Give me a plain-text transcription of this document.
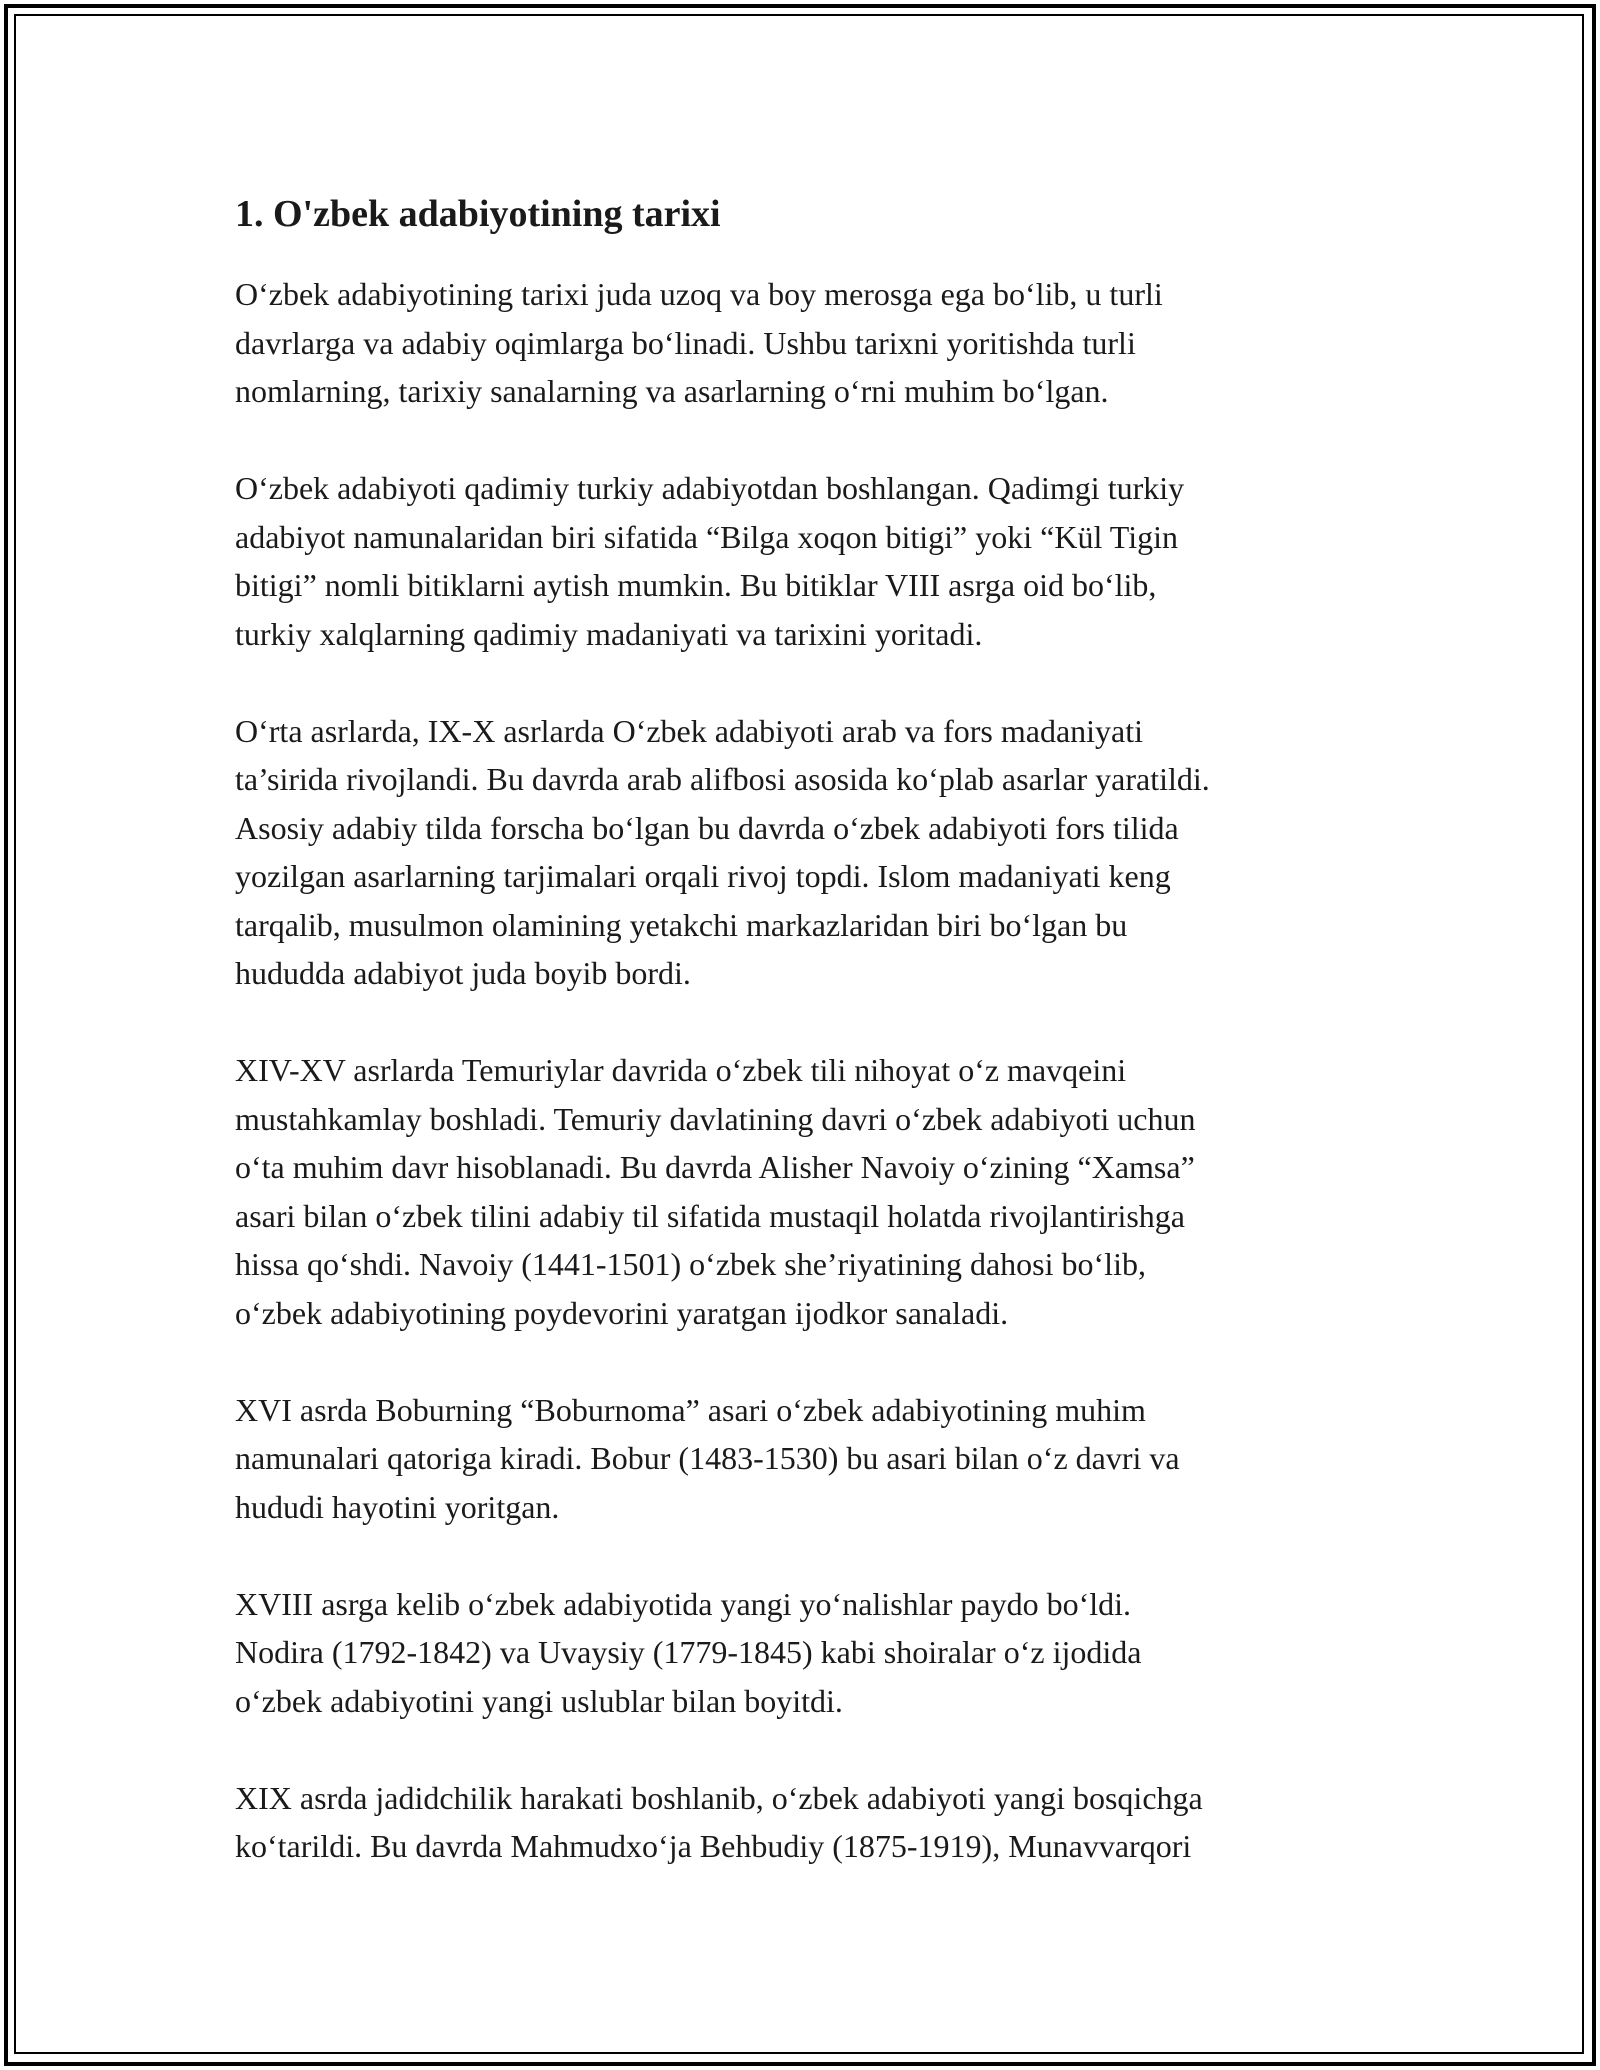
1. O'zbek adabiyotining tarixi
O‘zbek adabiyotining tarixi juda uzoq va boy merosga ega bo‘lib, u turli
davrlarga va adabiy oqimlarga bo‘linadi. Ushbu tarixni yoritishda turli
nomlarning, tarixiy sanalarning va asarlarning o‘rni muhim bo‘lgan.
O‘zbek adabiyoti qadimiy turkiy adabiyotdan boshlangan. Qadimgi turkiy
adabiyot namunalaridan biri sifatida “Bilga xoqon bitigi” yoki “Kül Tigin
bitigi” nomli bitiklarni aytish mumkin. Bu bitiklar VIII asrga oid bo‘lib,
turkiy xalqlarning qadimiy madaniyati va tarixini yoritadi.
O‘rta asrlarda, IX-X asrlarda O‘zbek adabiyoti arab va fors madaniyati
ta’sirida rivojlandi. Bu davrda arab alifbosi asosida ko‘plab asarlar yaratildi.
Asosiy adabiy tilda forscha bo‘lgan bu davrda o‘zbek adabiyoti fors tilida
yozilgan asarlarning tarjimalari orqali rivoj topdi. Islom madaniyati keng
tarqalib, musulmon olamining yetakchi markazlaridan biri bo‘lgan bu
hududda adabiyot juda boyib bordi.
XIV-XV asrlarda Temuriylar davrida o‘zbek tili nihoyat o‘z mavqeini
mustahkamlay boshladi. Temuriy davlatining davri o‘zbek adabiyoti uchun
o‘ta muhim davr hisoblanadi. Bu davrda Alisher Navoiy o‘zining “Xamsa”
asari bilan o‘zbek tilini adabiy til sifatida mustaqil holatda rivojlantirishga
hissa qo‘shdi. Navoiy (1441-1501) o‘zbek she’riyatining dahosi bo‘lib,
o‘zbek adabiyotining poydevorini yaratgan ijodkor sanaladi.
XVI asrda Boburning “Boburnoma” asari o‘zbek adabiyotining muhim
namunalari qatoriga kiradi. Bobur (1483-1530) bu asari bilan o‘z davri va
hududi hayotini yoritgan.
XVIII asrga kelib o‘zbek adabiyotida yangi yo‘nalishlar paydo bo‘ldi.
Nodira (1792-1842) va Uvaysiy (1779-1845) kabi shoiralar o‘z ijodida
o‘zbek adabiyotini yangi uslublar bilan boyitdi.
XIX asrda jadidchilik harakati boshlanib, o‘zbek adabiyoti yangi bosqichga
ko‘tarildi. Bu davrda Mahmudxo‘ja Behbudiy (1875-1919), Munavvarqori
